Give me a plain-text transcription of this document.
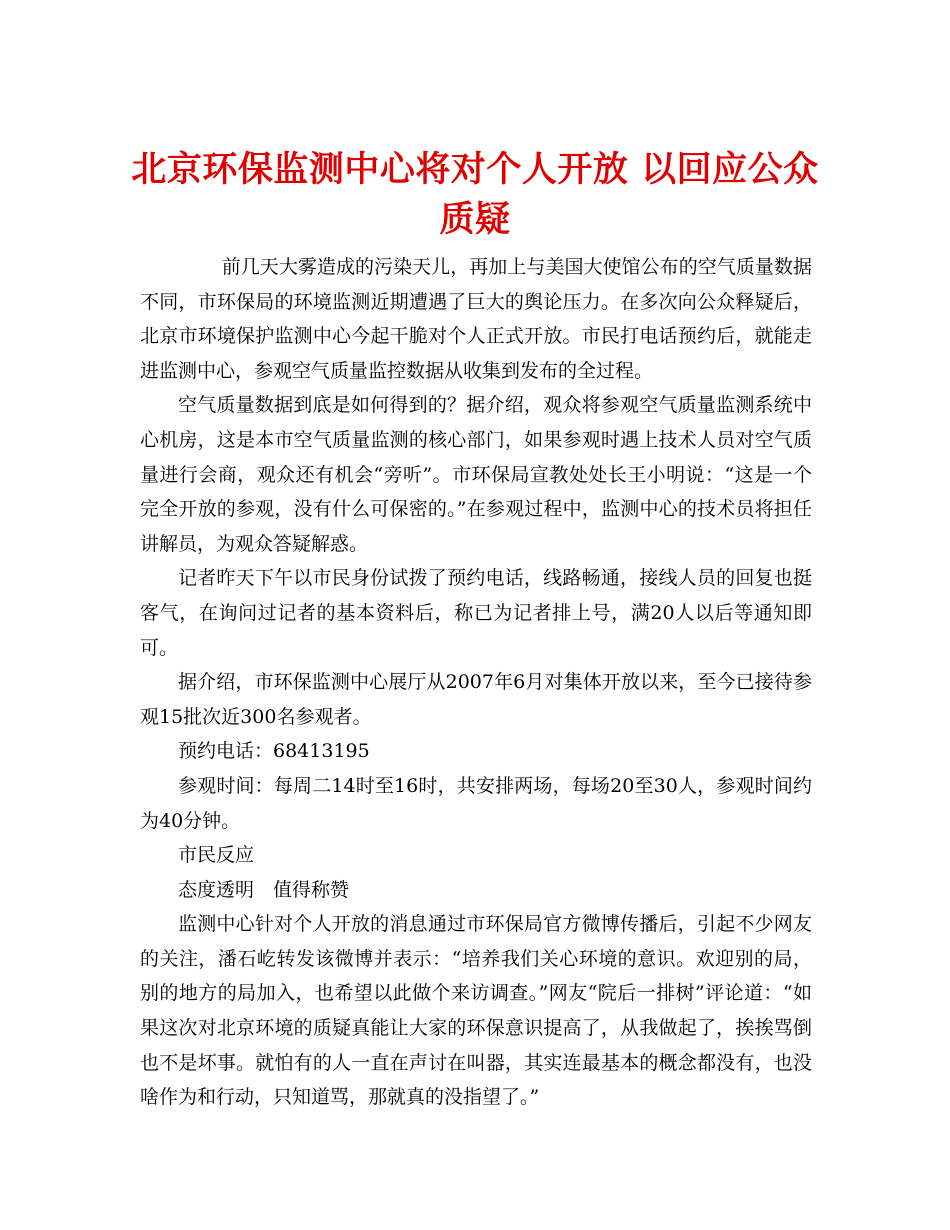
北京环保监测中心将对个人开放 以回应公众质疑

前几天大雾造成的污染天儿，再加上与美国大使馆公布的空气质量数据不同，市环保局的环境监测近期遭遇了巨大的舆论压力。在多次向公众释疑后，北京市环境保护监测中心今起干脆对个人正式开放。市民打电话预约后，就能走进监测中心，参观空气质量监控数据从收集到发布的全过程。

空气质量数据到底是如何得到的？据介绍，观众将参观空气质量监测系统中心机房，这是本市空气质量监测的核心部门，如果参观时遇上技术人员对空气质量进行会商，观众还有机会“旁听”。市环保局宣教处处长王小明说：“这是一个完全开放的参观，没有什么可保密的。”在参观过程中，监测中心的技术员将担任讲解员，为观众答疑解惑。

记者昨天下午以市民身份试拨了预约电话，线路畅通，接线人员的回复也挺客气，在询问过记者的基本资料后，称已为记者排上号，满20人以后等通知即可。

据介绍，市环保监测中心展厅从2007年6月对集体开放以来，至今已接待参观15批次近300名参观者。

预约电话：68413195

参观时间：每周二14时至16时，共安排两场，每场20至30人，参观时间约为40分钟。

市民反应

态度透明　值得称赞

监测中心针对个人开放的消息通过市环保局官方微博传播后，引起不少网友的关注，潘石屹转发该微博并表示：“培养我们关心环境的意识。欢迎别的局，别的地方的局加入，也希望以此做个来访调查。”网友“院后一排树”评论道：“如果这次对北京环境的质疑真能让大家的环保意识提高了，从我做起了，挨挨骂倒也不是坏事。就怕有的人一直在声讨在叫器，其实连最基本的概念都没有，也没啥作为和行动，只知道骂，那就真的没指望了。”
